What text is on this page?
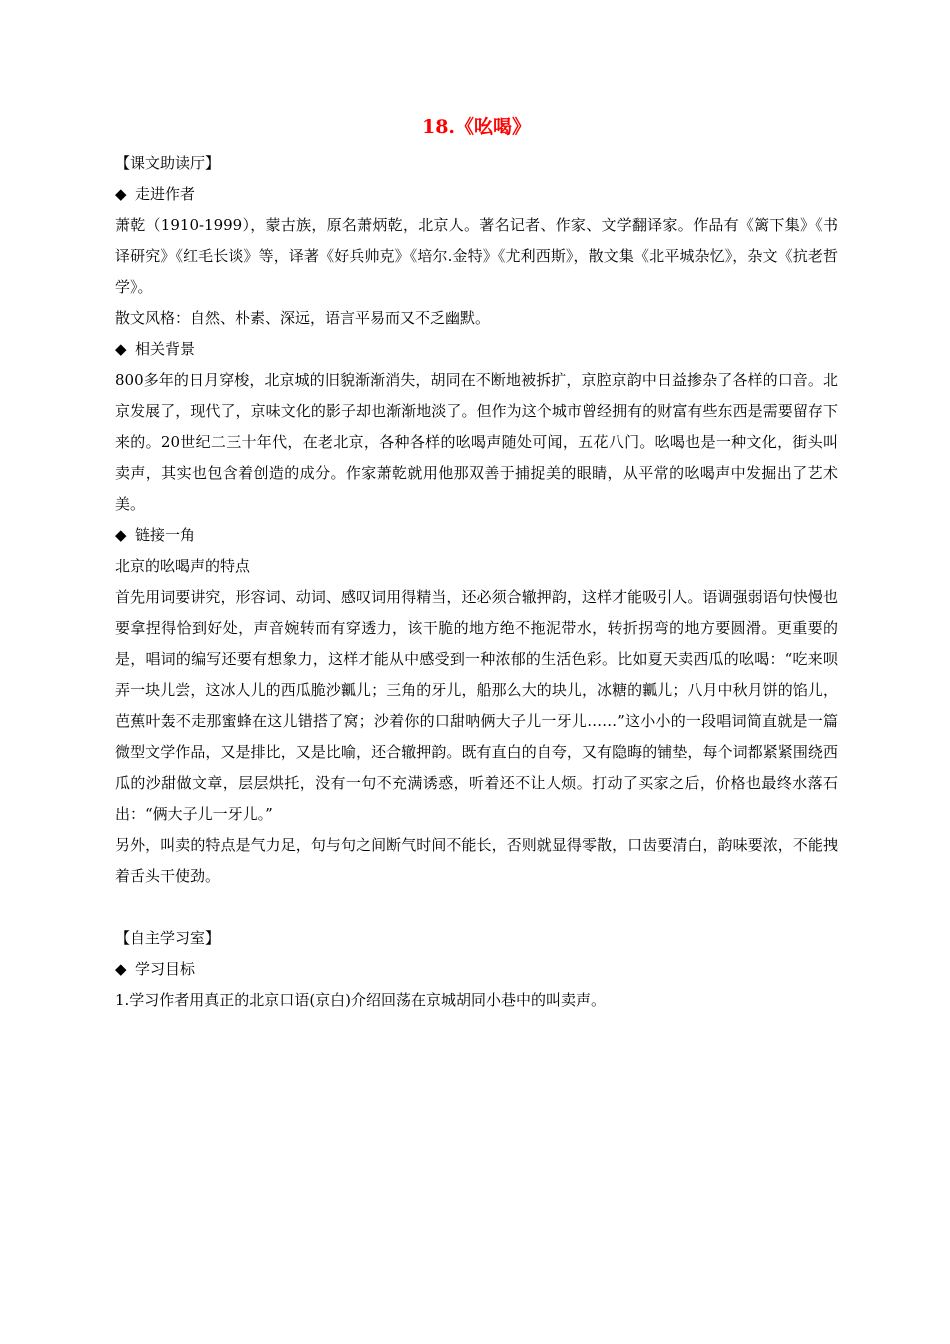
18.《吆喝》
【课文助读厅】
◆ 走进作者

萧乾（1910-1999），蒙古族，原名萧炳乾，北京人。著名记者、作家、文学翻译家。作品有《篱下集》《书译研究》《红毛长谈》等，译著《好兵帅克》《培尔.金特》《尤利西斯》，散文集《北平城杂忆》，杂文《抗老哲学》。

散文风格：自然、朴素、深远，语言平易而又不乏幽默。

◆ 相关背景

800多年的日月穿梭，北京城的旧貌渐渐消失，胡同在不断地被拆扩，京腔京韵中日益掺杂了各样的口音。北京发展了，现代了，京味文化的影子却也渐渐地淡了。但作为这个城市曾经拥有的财富有些东西是需要留存下来的。20世纪二三十年代，在老北京，各种各样的吆喝声随处可闻，五花八门。吆喝也是一种文化，街头叫卖声，其实也包含着创造的成分。作家萧乾就用他那双善于捕捉美的眼睛，从平常的吆喝声中发掘出了艺术美。

◆ 链接一角

北京的吆喝声的特点

首先用词要讲究，形容词、动词、感叹词用得精当，还必须合辙押韵，这样才能吸引人。语调强弱语句快慢也要拿捏得恰到好处，声音婉转而有穿透力，该干脆的地方绝不拖泥带水，转折拐弯的地方要圆滑。更重要的是，唱词的编写还要有想象力，这样才能从中感受到一种浓郁的生活色彩。比如夏天卖西瓜的吆喝：“吃来呗弄一块儿尝，这冰人儿的西瓜脆沙瓤儿；三角的牙儿，船那么大的块儿，冰糖的瓤儿；八月中秋月饼的馅儿，芭蕉叶轰不走那蜜蜂在这儿错搭了窝；沙着你的口甜呐俩大子儿一牙儿……”这小小的一段唱词简直就是一篇微型文学作品，又是排比，又是比喻，还合辙押韵。既有直白的自夸，又有隐晦的铺垫，每个词都紧紧围绕西瓜的沙甜做文章，层层烘托，没有一句不充满诱惑，听着还不让人烦。打动了买家之后，价格也最终水落石出：“俩大子儿一牙儿。”

另外，叫卖的特点是气力足，句与句之间断气时间不能长，否则就显得零散，口齿要清白，韵味要浓，不能拽着舌头干使劲。

【自主学习室】
◆ 学习目标

1.学习作者用真正的北京口语(京白)介绍回荡在京城胡同小巷中的叫卖声。
